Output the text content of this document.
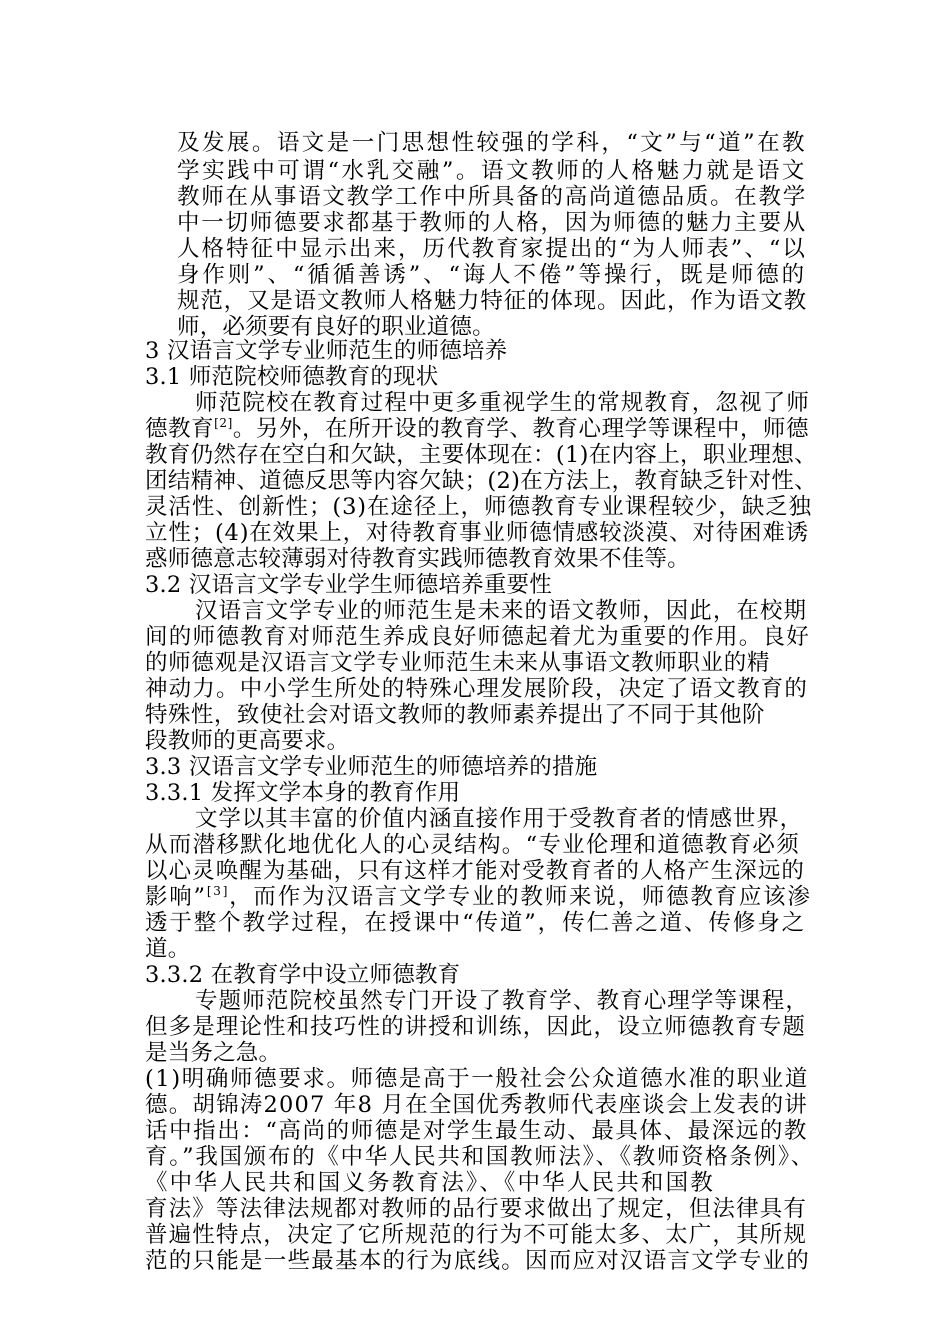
及发展。语文是一门思想性较强的学科，“文”与“道”在教
学实践中可谓“水乳交融”。语文教师的人格魅力就是语文
教师在从事语文教学工作中所具备的高尚道德品质。在教学
中一切师德要求都基于教师的人格，因为师德的魅力主要从
人格特征中显示出来，历代教育家提出的“为人师表”、“以
身作则”、“循循善诱”、“诲人不倦”等操行，既是师德的
规范，又是语文教师人格魅力特征的体现。因此，作为语文教
师，必须要有良好的职业道德。
3 汉语言文学专业师范生的师德培养
3.1 师范院校师德教育的现状
师范院校在教育过程中更多重视学生的常规教育，忽视了师
德教育[2]。另外，在所开设的教育学、教育心理学等课程中，师德
教育仍然存在空白和欠缺，主要体现在：(1)在内容上，职业理想、
团结精神、道德反思等内容欠缺；(2)在方法上，教育缺乏针对性、
灵活性、创新性；(3)在途径上，师德教育专业课程较少，缺乏独
立性；(4)在效果上，对待教育事业师德情感较淡漠、对待困难诱
惑师德意志较薄弱对待教育实践师德教育效果不佳等。
3.2 汉语言文学专业学生师德培养重要性
汉语言文学专业的师范生是未来的语文教师，因此，在校期
间的师德教育对师范生养成良好师德起着尤为重要的作用。良好
的师德观是汉语言文学专业师范生未来从事语文教师职业的精
神动力。中小学生所处的特殊心理发展阶段，决定了语文教育的
特殊性，致使社会对语文教师的教师素养提出了不同于其他阶
段教师的更高要求。
3.3 汉语言文学专业师范生的师德培养的措施
3.3.1 发挥文学本身的教育作用
文学以其丰富的价值内涵直接作用于受教育者的情感世界，
从而潜移默化地优化人的心灵结构。“专业伦理和道德教育必须
以心灵唤醒为基础，只有这样才能对受教育者的人格产生深远的
影响”[3]，而作为汉语言文学专业的教师来说，师德教育应该渗
透于整个教学过程，在授课中“传道”，传仁善之道、传修身之
道。
3.3.2 在教育学中设立师德教育
专题师范院校虽然专门开设了教育学、教育心理学等课程，
但多是理论性和技巧性的讲授和训练，因此，设立师德教育专题
是当务之急。
(1)明确师德要求。师德是高于一般社会公众道德水准的职业道
德。胡锦涛2007 年8 月在全国优秀教师代表座谈会上发表的讲
话中指出：“高尚的师德是对学生最生动、最具体、最深远的教
育。”我国颁布的《中华人民共和国教师法》、《教师资格条例》、
《中华人民共和国义务教育法》、《中华人民共和国教
育法》等法律法规都对教师的品行要求做出了规定，但法律具有
普遍性特点，决定了它所规范的行为不可能太多、太广，其所规
范的只能是一些最基本的行为底线。因而应对汉语言文学专业的
